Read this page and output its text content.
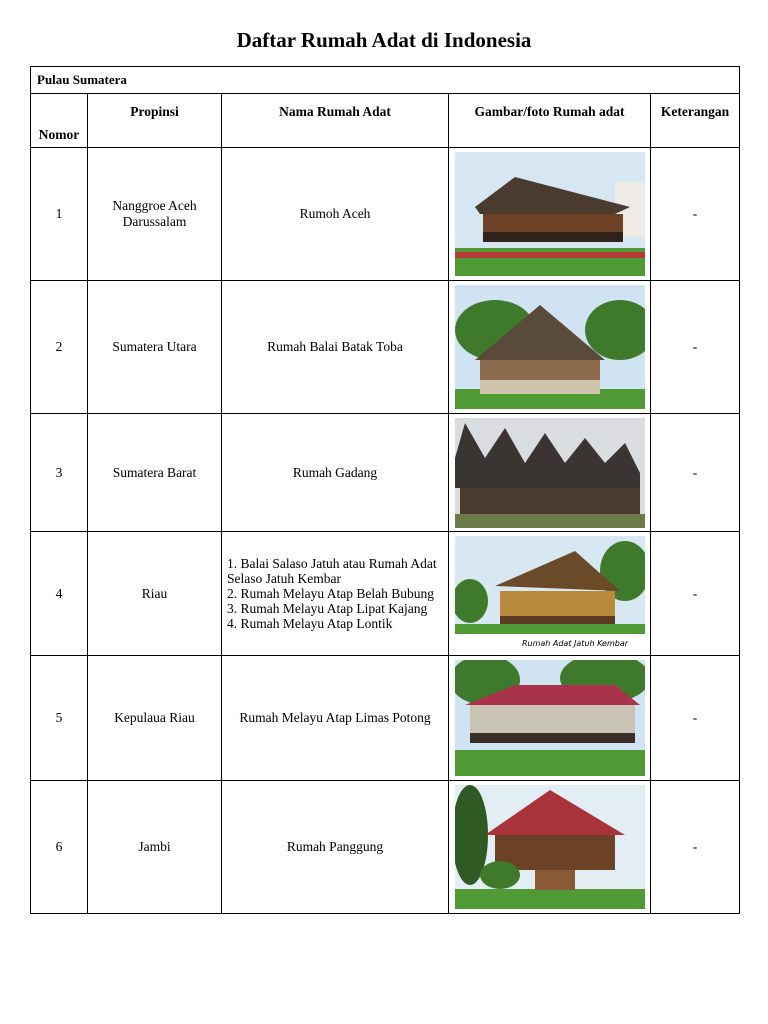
Daftar Rumah Adat di Indonesia
Pulau Sumatera				
Nomor	Propinsi	Nama Rumah Adat	Gambar/foto Rumah adat	Keterangan
1	Nanggroe Aceh Darussalam	Rumoh Aceh		-
2	Sumatera Utara	Rumah Balai Batak Toba		-
3	Sumatera Barat	Rumah Gadang		-
4	Riau	1. Balai Salaso Jatuh atau Rumah Adat Selaso Jatuh Kembar
2. Rumah Melayu Atap Belah Bubung
3. Rumah Melayu Atap Lipat Kajang
4. Rumah Melayu Atap Lontik	Rumah Adat Jatuh Kembar	-
5	Kepulaua Riau	Rumah Melayu Atap Limas Potong		-
6	Jambi	Rumah Panggung		-
